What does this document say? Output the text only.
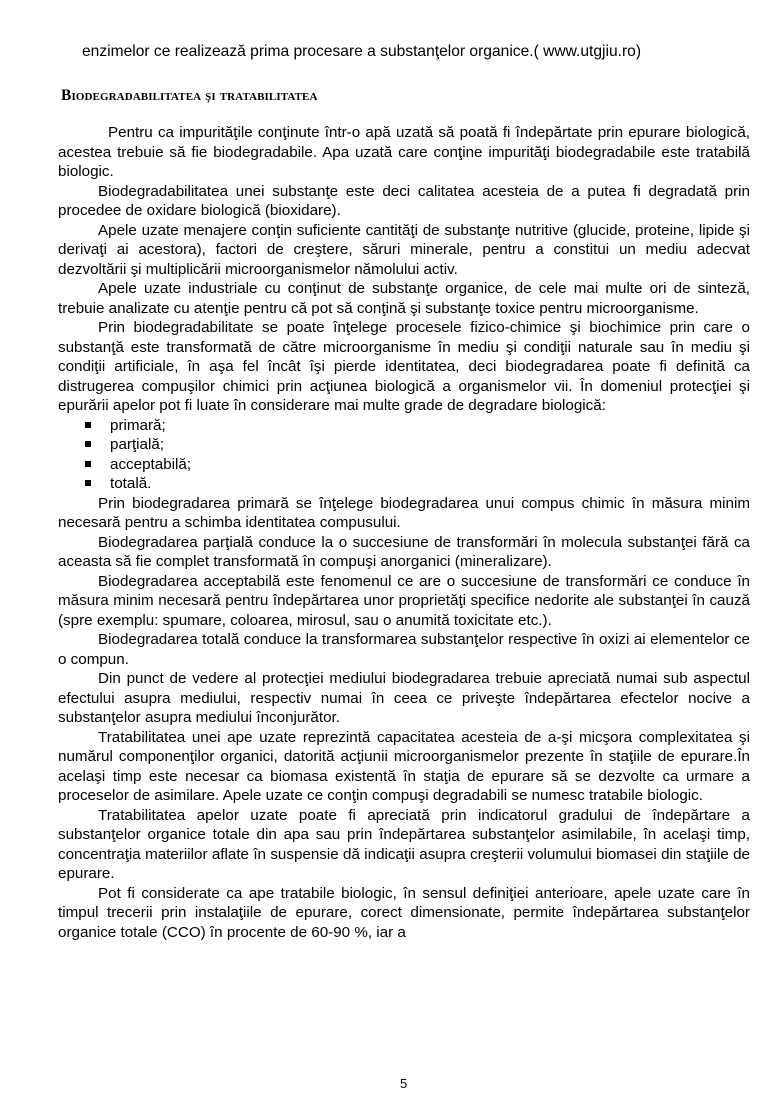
enzimelor ce realizează prima procesare a substanţelor organice.( www.utgjiu.ro)
Biodegradabilitatea şi tratabilitatea

Pentru ca impurităţile conţinute într-o apă uzată să poată fi îndepărtate prin epurare biologică, acestea trebuie să fie biodegradabile. Apa uzată care conţine impurităţi biodegradabile este tratabilă biologic.

Biodegradabilitatea unei substanţe este deci calitatea acesteia de a putea fi degradată prin procedee de oxidare biologică (bioxidare).

Apele uzate menajere conţin suficiente cantităţi de substanţe nutritive (glucide, proteine, lipide şi derivaţi ai acestora), factori de creştere, săruri minerale, pentru a constitui un mediu adecvat dezvoltării şi multiplicării microorganismelor nămolului activ.

Apele uzate industriale cu conţinut de substanţe organice, de cele mai multe ori de sinteză, trebuie analizate cu atenţie pentru că pot să conţină şi substanţe toxice pentru microorganisme.

Prin biodegradabilitate se poate înţelege procesele fizico-chimice şi biochimice prin care o substanţă este transformată de către microorganisme în mediu şi condiţii naturale sau în mediu şi condiţii artificiale, în aşa fel încât îşi pierde identitatea, deci biodegradarea poate fi definită ca distrugerea compuşilor chimici prin acţiunea biologică a organismelor vii. În domeniul protecţiei şi epurării apelor pot fi luate în considerare mai multe grade de degradare biologică:

primară;
parţială;
acceptabilă;
totală.

Prin biodegradarea primară se înţelege biodegradarea unui compus chimic în măsura minim necesară pentru a schimba identitatea compusului.

Biodegradarea parţială conduce la o succesiune de transformări în molecula substanţei fără ca aceasta să fie complet transformată în compuşi anorganici (mineralizare).

Biodegradarea acceptabilă este fenomenul ce are o succesiune de transformări ce conduce în măsura minim necesară pentru îndepărtarea unor proprietăţi specifice nedorite ale substanţei în cauză (spre exemplu: spumare, coloarea, mirosul, sau o anumită toxicitate etc.).

Biodegradarea totală conduce la transformarea substanţelor respective în oxizi ai elementelor ce o compun.

Din punct de vedere al protecţiei mediului biodegradarea trebuie apreciată numai sub aspectul efectului asupra mediului, respectiv numai în ceea ce priveşte îndepărtarea efectelor nocive a substanţelor asupra mediului înconjurător.

Tratabilitatea unei ape uzate reprezintă capacitatea acesteia de a-şi micşora complexitatea şi numărul componenţilor organici, datorită acţiunii microorganismelor prezente în staţiile de epurare.În acelaşi timp este necesar ca biomasa existentă în staţia de epurare să se dezvolte ca urmare a proceselor de asimilare. Apele uzate ce conţin compuşi degradabili se numesc tratabile biologic.

Tratabilitatea apelor uzate poate fi apreciată prin indicatorul gradului de îndepărtare a substanţelor organice totale din apa sau prin îndepărtarea substanţelor asimilabile, în acelaşi timp, concentraţia materiilor aflate în suspensie dă indicaţii asupra creşterii volumului biomasei din staţiile de epurare.

Pot fi considerate ca ape tratabile biologic, în sensul definiţiei anterioare, apele uzate care în timpul trecerii prin instalaţiile de epurare, corect dimensionate, permite îndepărtarea substanţelor organice totale (CCO) în procente de 60-90 %, iar a

5
